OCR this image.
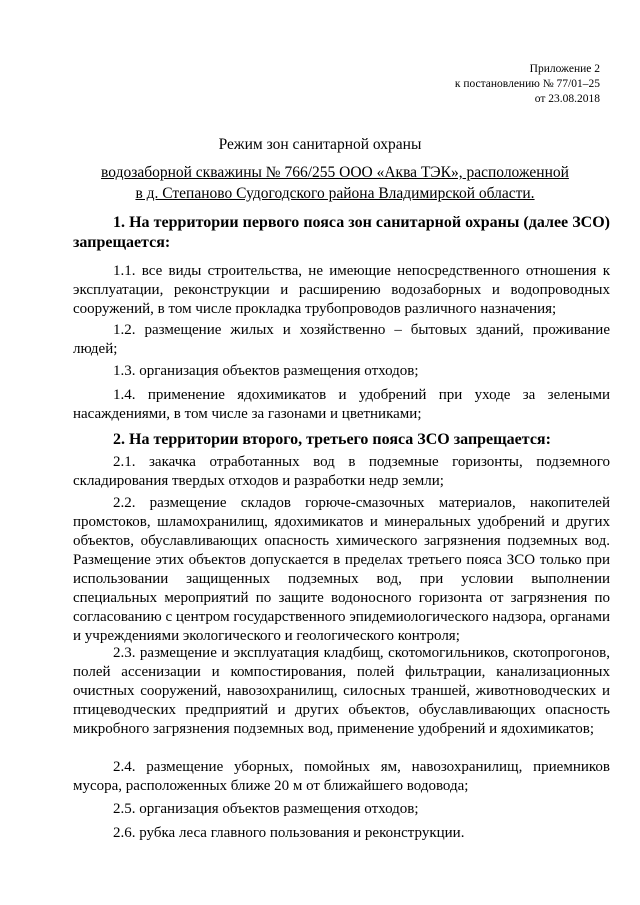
Приложение 2
к постановлению № 77/01–25
от 23.08.2018
Режим зон санитарной охраны
водозаборной скважины № 766/255 ООО «Аква ТЭК», расположенной в д. Степаново Судогодского района Владимирской области.
1. На территории первого пояса зон санитарной охраны (далее ЗСО) запрещается:
1.1. все виды строительства, не имеющие непосредственного отношения к эксплуатации, реконструкции и расширению водозаборных и водопроводных сооружений, в том числе прокладка трубопроводов различного назначения;
1.2. размещение жилых и хозяйственно – бытовых зданий, проживание людей;
1.3. организация объектов размещения отходов;
1.4. применение ядохимикатов и удобрений при уходе за зелеными насаждениями, в том числе за газонами и цветниками;
2. На территории второго, третьего пояса ЗСО запрещается:
2.1. закачка отработанных вод в подземные горизонты, подземного складирования твердых отходов и разработки недр земли;
2.2. размещение складов горюче-смазочных материалов, накопителей промстоков, шламохранилищ, ядохимикатов и минеральных удобрений и других объектов, обуславливающих опасность химического загрязнения подземных вод. Размещение этих объектов допускается в пределах третьего пояса ЗСО только при использовании защищенных подземных вод, при условии выполнении специальных мероприятий по защите водоносного горизонта от загрязнения по согласованию с центром государственного эпидемиологического надзора, органами и учреждениями экологического и геологического контроля;
2.3. размещение и эксплуатация кладбищ, скотомогильников, скотопрогонов, полей ассенизации и компостирования, полей фильтрации, канализационных очистных сооружений, навозохранилищ, силосных траншей, животноводческих и птицеводческих предприятий и других объектов, обуславливающих опасность микробного загрязнения подземных вод, применение удобрений и ядохимикатов;
2.4. размещение уборных, помойных ям, навозохранилищ, приемников мусора, расположенных ближе 20 м от ближайшего водовода;
2.5. организация объектов размещения отходов;
2.6. рубка леса главного пользования и реконструкции.
